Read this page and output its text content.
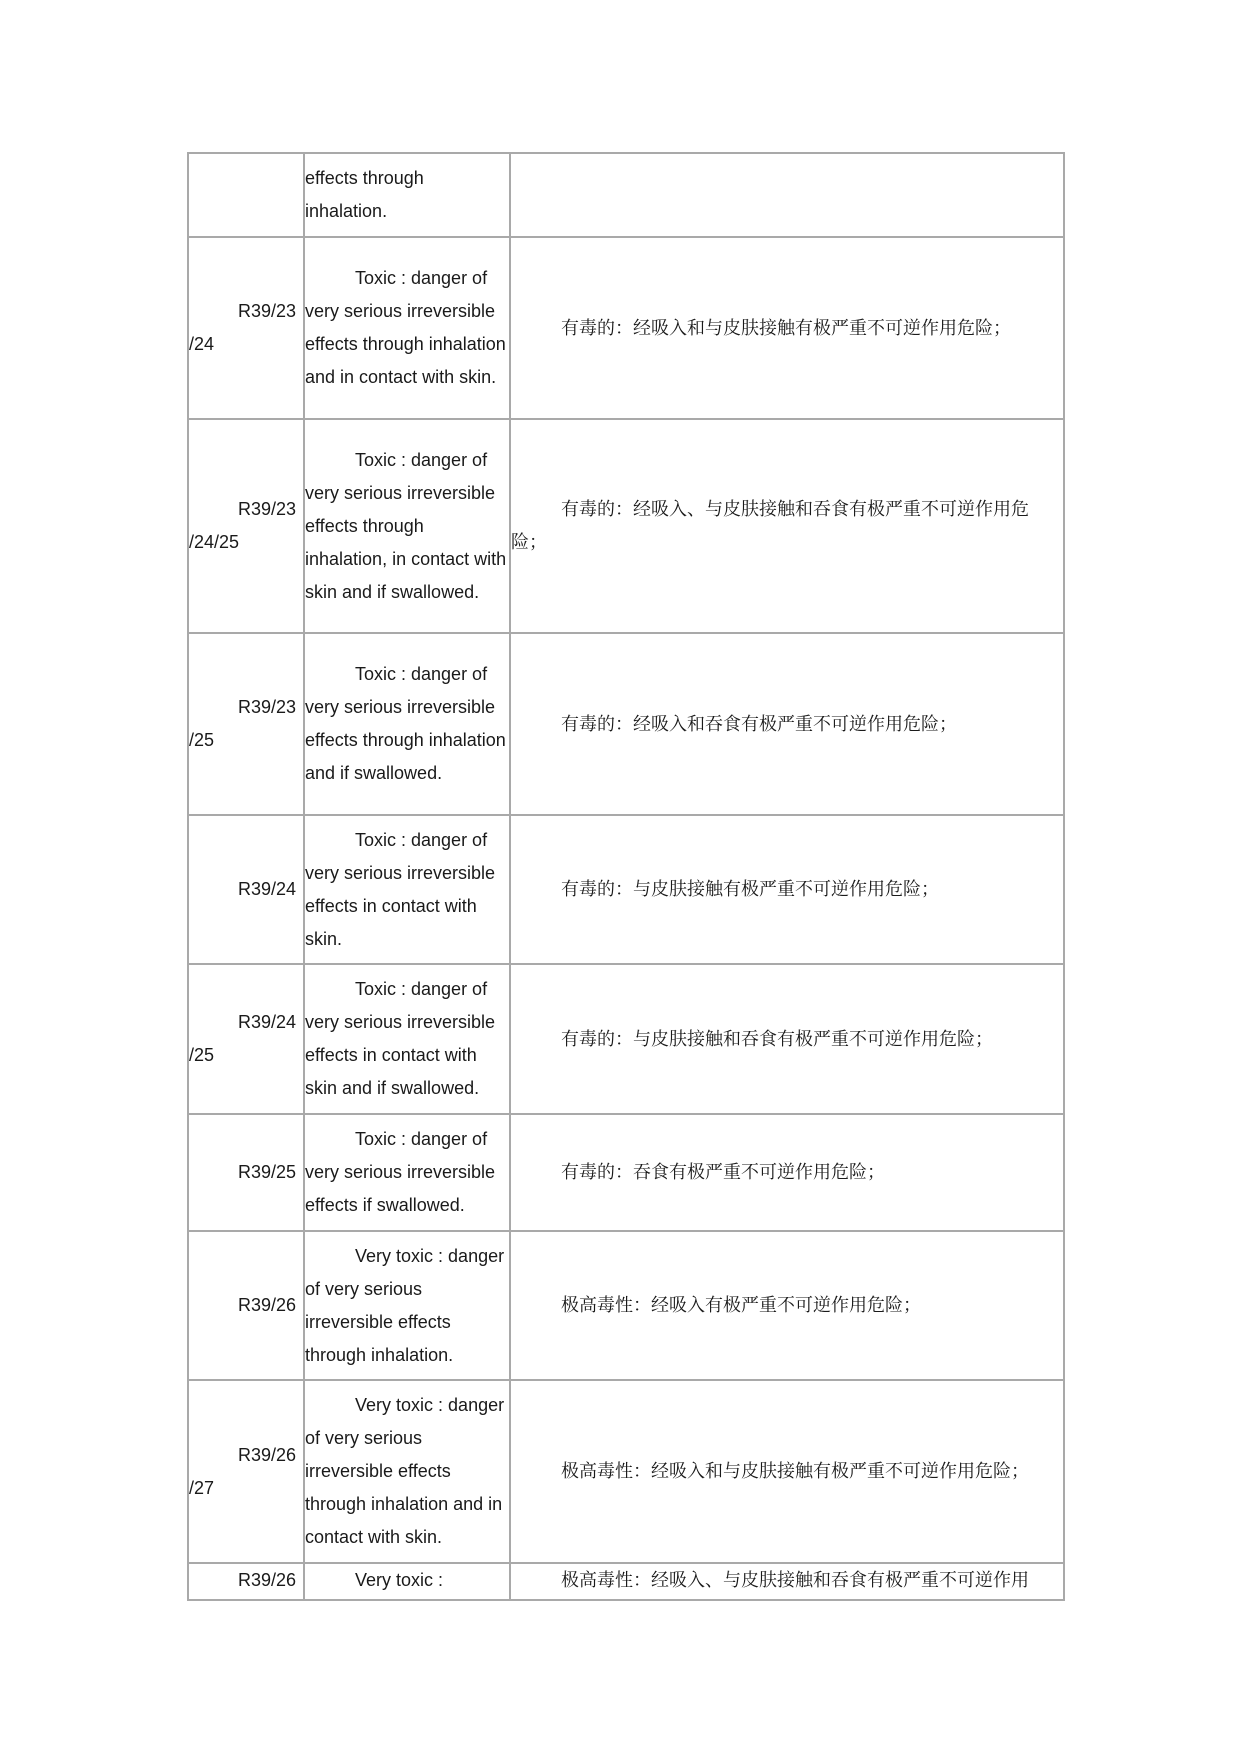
	effects through inhalation.	

R39/23
/24	Toxic : danger of very serious irreversible effects through inhalation and in contact with skin.	有毒的：经吸入和与皮肤接触有极严重不可逆作用危险；

R39/23
/24/25	Toxic : danger of very serious irreversible effects through inhalation, in contact with skin and if swallowed.	有毒的：经吸入、与皮肤接触和吞食有极严重不可逆作用危险；

R39/23
/25	Toxic : danger of very serious irreversible effects through inhalation and if swallowed.	有毒的：经吸入和吞食有极严重不可逆作用危险；

R39/24	Toxic : danger of very serious irreversible effects in contact with skin.	有毒的：与皮肤接触有极严重不可逆作用危险；

R39/24
/25	Toxic : danger of very serious irreversible effects in contact with skin and if swallowed.	有毒的：与皮肤接触和吞食有极严重不可逆作用危险；

R39/25	Toxic : danger of very serious irreversible effects if swallowed.	有毒的：吞食有极严重不可逆作用危险；

R39/26	Very toxic : danger of very serious irreversible effects through inhalation.	极高毒性：经吸入有极严重不可逆作用危险；

R39/26
/27	Very toxic : danger of very serious irreversible effects through inhalation and in contact with skin.	极高毒性：经吸入和与皮肤接触有极严重不可逆作用危险；

R39/26	Very toxic :	极高毒性：经吸入、与皮肤接触和吞食有极严重不可逆作用
